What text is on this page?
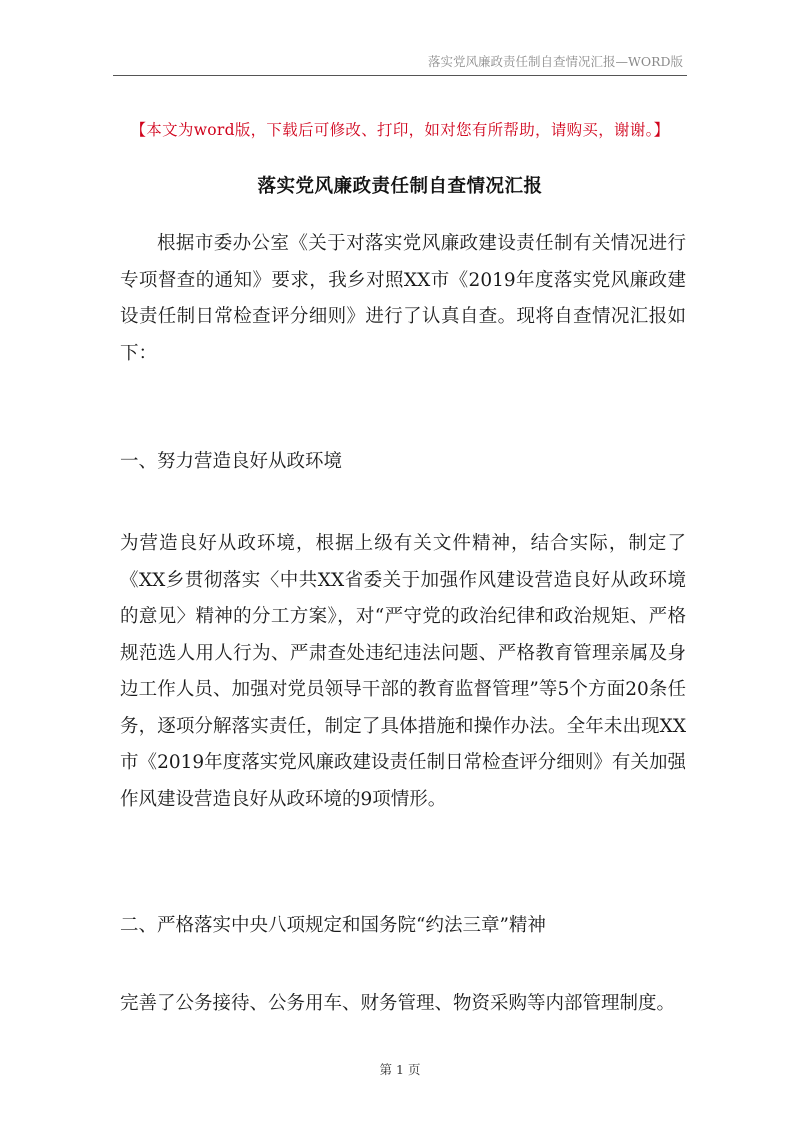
落实党风廉政责任制自查情况汇报—WORD版
【本文为word版，下载后可修改、打印，如对您有所帮助，请购买，谢谢。】
落实党风廉政责任制自查情况汇报
根据市委办公室《关于对落实党风廉政建设责任制有关情况进行专项督查的通知》要求，我乡对照XX市《2019年度落实党风廉政建设责任制日常检查评分细则》进行了认真自查。现将自查情况汇报如下：
一、努力营造良好从政环境
为营造良好从政环境，根据上级有关文件精神，结合实际，制定了《XX乡贯彻落实〈中共XX省委关于加强作风建设营造良好从政环境的意见〉精神的分工方案》，对“严守党的政治纪律和政治规矩、严格规范选人用人行为、严肃查处违纪违法问题、严格教育管理亲属及身边工作人员、加强对党员领导干部的教育监督管理”等5个方面20条任务，逐项分解落实责任，制定了具体措施和操作办法。全年未出现XX市《2019年度落实党风廉政建设责任制日常检查评分细则》有关加强作风建设营造良好从政环境的9项情形。
二、严格落实中央八项规定和国务院“约法三章”精神
完善了公务接待、公务用车、财务管理、物资采购等内部管理制度。
第 1 页
